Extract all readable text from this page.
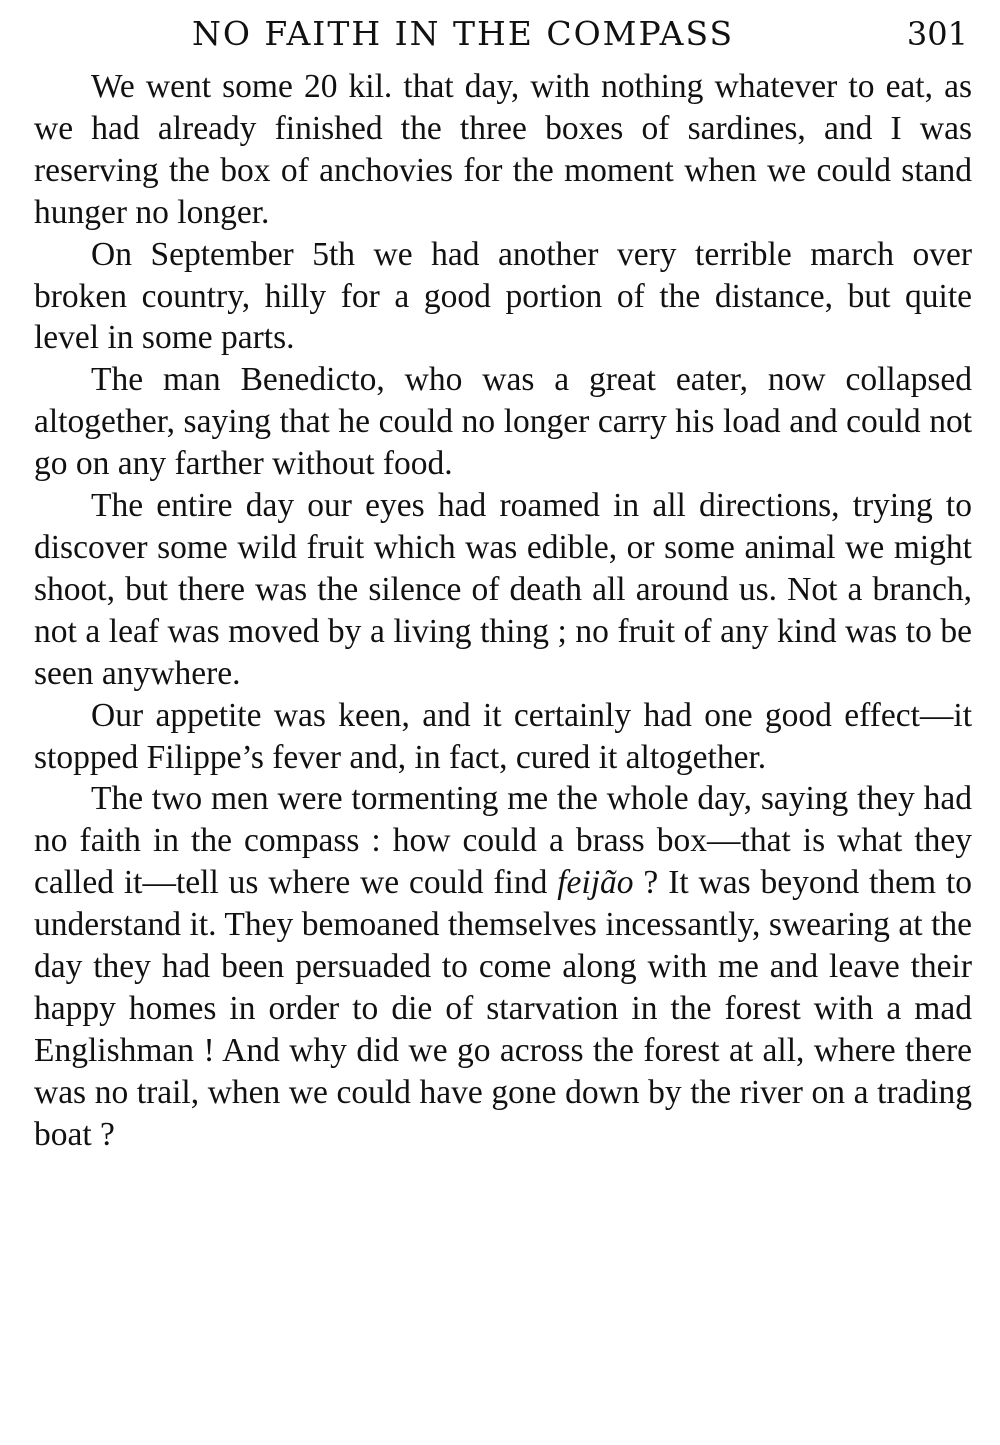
NO FAITH IN THE COMPASS	301

We went some 20 kil. that day, with nothing whatever to eat, as we had already finished the three boxes of sardines, and I was reserving the box of anchovies for the moment when we could stand hunger no longer.

On September 5th we had another very terrible march over broken country, hilly for a good portion of the distance, but quite level in some parts.

The man Benedicto, who was a great eater, now collapsed altogether, saying that he could no longer carry his load and could not go on any farther without food.

The entire day our eyes had roamed in all directions, trying to discover some wild fruit which was edible, or some animal we might shoot, but there was the silence of death all around us. Not a branch, not a leaf was moved by a living thing ; no fruit of any kind was to be seen anywhere.

Our appetite was keen, and it certainly had one good effect—it stopped Filippe’s fever and, in fact, cured it altogether.

The two men were tormenting me the whole day, saying they had no faith in the compass : how could a brass box—that is what they called it—tell us where we could find feijão ? It was beyond them to understand it. They bemoaned themselves incessantly, swearing at the day they had been persuaded to come along with me and leave their happy homes in order to die of starvation in the forest with a mad Englishman ! And why did we go across the forest at all, where there was no trail, when we could have gone down by the river on a trading boat ?
